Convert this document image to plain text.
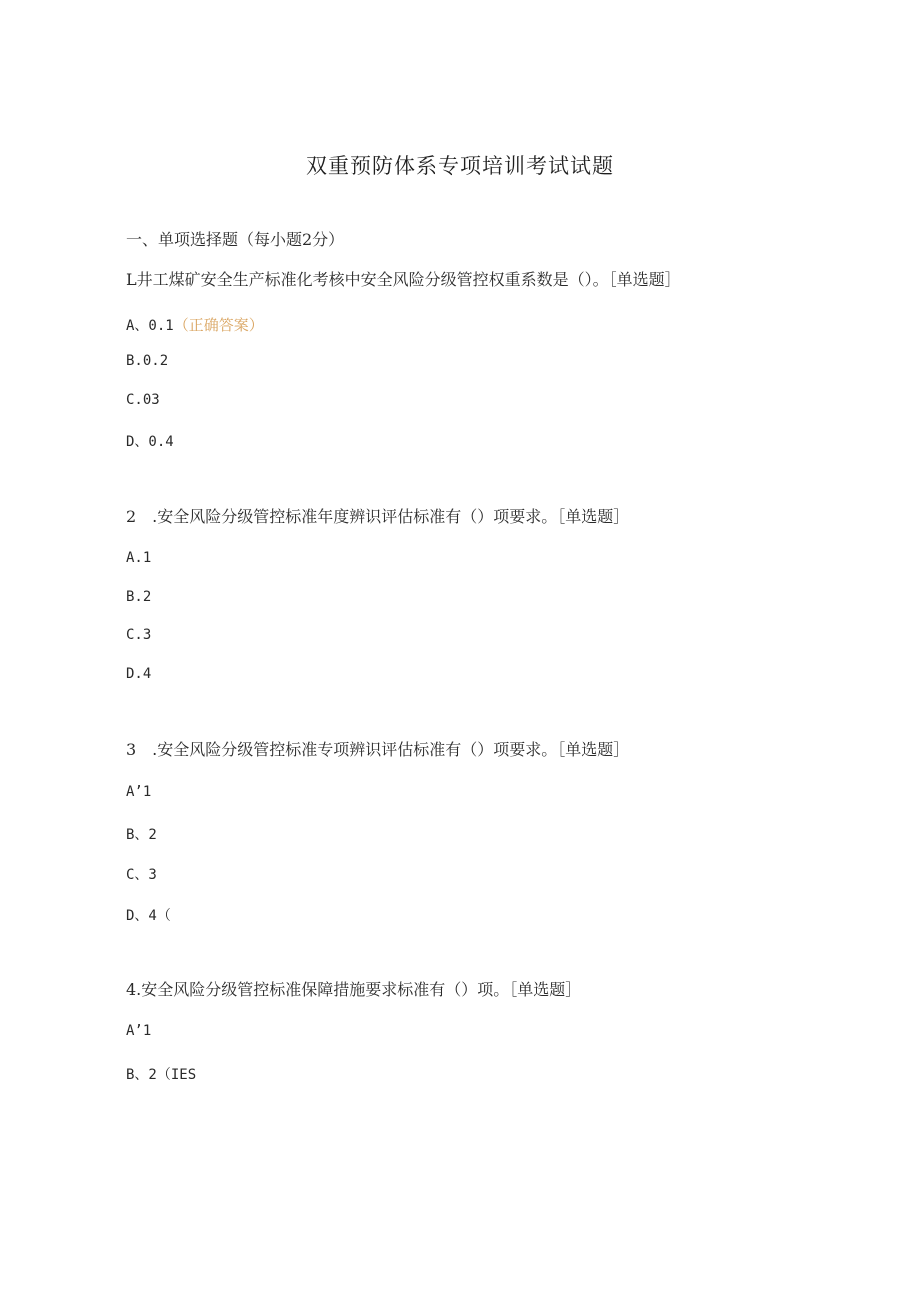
双重预防体系专项培训考试试题
一、单项选择题（每小题2分）
L井工煤矿安全生产标准化考核中安全风险分级管控权重系数是（）。［单选题］
A、0.1（正确答案）
B.0.2
C.03
D、0.4
2　.安全风险分级管控标准年度辨识评估标准有（）项要求。［单选题］
A.1
B.2
C.3
D.4
3　.安全风险分级管控标准专项辨识评估标准有（）项要求。［单选题］
A’1
B、2
C、3
D、4（
4.安全风险分级管控标准保障措施要求标准有（）项。［单选题］
A’1
B、2（IES
